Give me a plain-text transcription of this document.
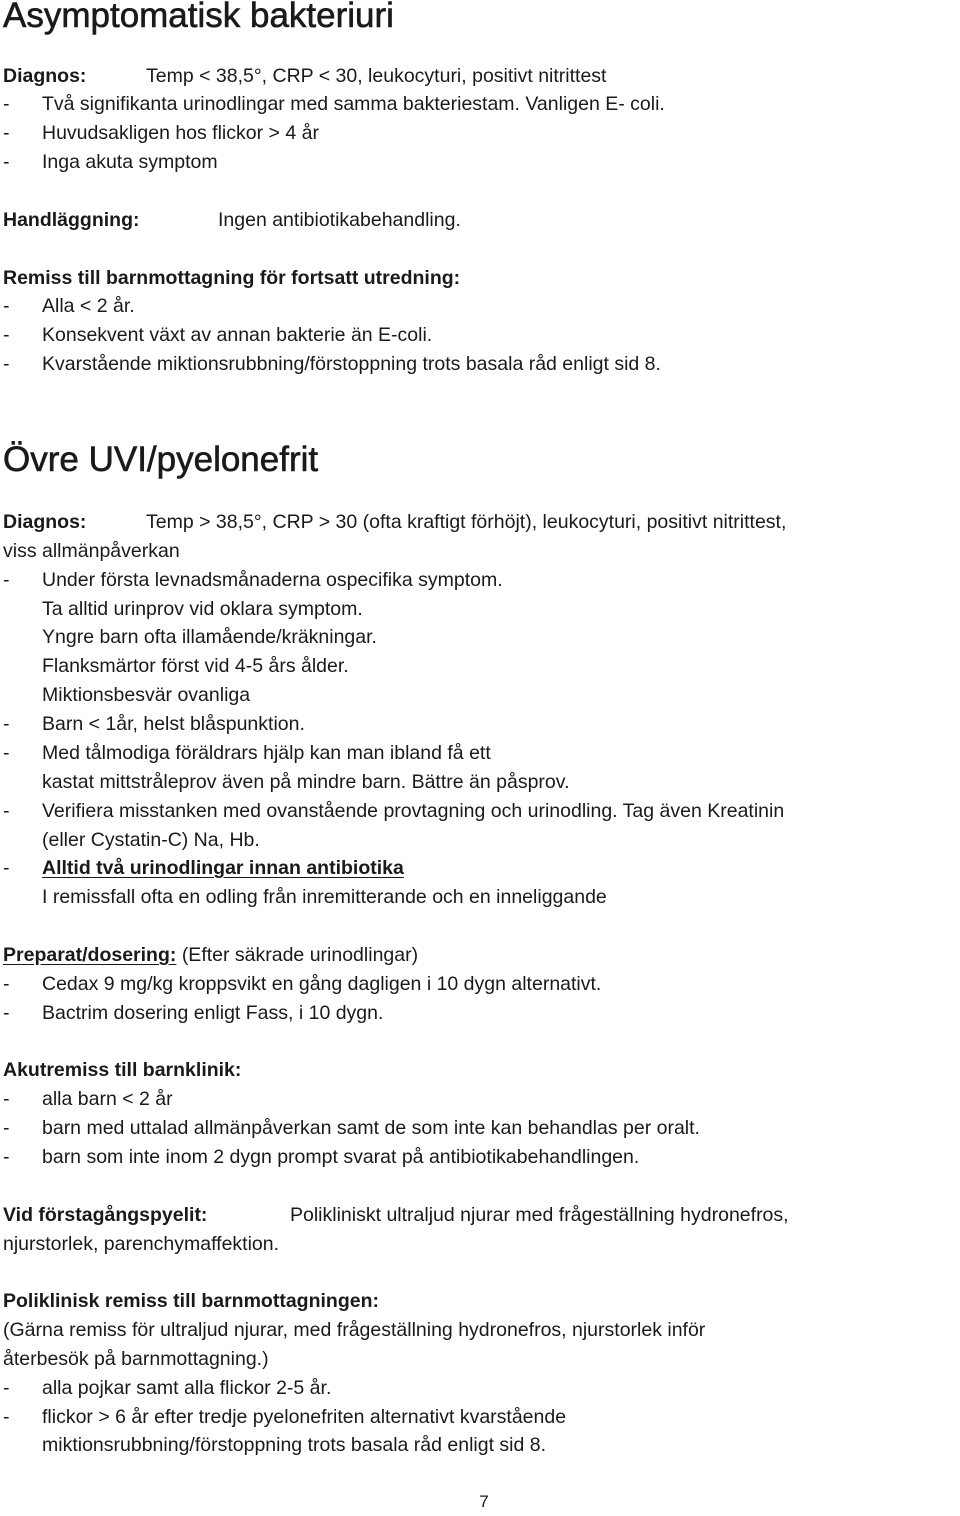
Asymptomatisk bakteriuri
Diagnos:	Temp < 38,5°, CRP < 30, leukocyturi, positivt nitrittest
- Två signifikanta urinodlingar med samma bakteriestam. Vanligen E- coli.
- Huvudsakligen hos flickor > 4 år
- Inga akuta symptom
Handläggning:	Ingen antibiotikabehandling.
Remiss till barnmottagning för fortsatt utredning:
- Alla < 2 år.
- Konsekvent växt av annan bakterie än E-coli.
- Kvarstående miktionsrubbning/förstoppning trots basala råd enligt sid 8.
Övre UVI/pyelonefrit
Diagnos:	Temp > 38,5°, CRP > 30 (ofta kraftigt förhöjt), leukocyturi, positivt nitrittest,
viss allmänpåverkan
- Under första levnadsmånaderna ospecifika symptom.
Ta alltid urinprov vid oklara symptom.
Yngre barn ofta illamående/kräkningar.
Flanksmärtor först vid 4-5 års ålder.
Miktionsbesvär ovanliga
- Barn < 1år, helst blåspunktion.
- Med tålmodiga föräldrars hjälp kan man ibland få ett
kastat mittstråleprov även på mindre barn. Bättre än påsprov.
- Verifiera misstanken med ovanstående provtagning och urinodling. Tag även Kreatinin
(eller Cystatin-C) Na, Hb.
- Alltid två urinodlingar innan antibiotika
I remissfall ofta en odling från inremitterande och en inneliggande
Preparat/dosering: (Efter säkrade urinodlingar)
- Cedax 9 mg/kg kroppsvikt en gång dagligen i 10 dygn alternativt.
- Bactrim dosering enligt Fass, i 10 dygn.
Akutremiss till barnklinik:
- alla barn < 2 år
- barn med uttalad allmänpåverkan samt de som inte kan behandlas per oralt.
- barn som inte inom 2 dygn prompt svarat på antibiotikabehandlingen.
Vid förstagångspyelit:	Polikliniskt ultraljud njurar med frågeställning hydronefros,
njurstorlek, parenchymaffektion.
Poliklinisk remiss till barnmottagningen:
(Gärna remiss för ultraljud njurar, med frågeställning hydronefros, njurstorlek inför
återbesök på barnmottagning.)
- alla pojkar samt alla flickor 2-5 år.
- flickor > 6 år efter tredje pyelonefriten alternativt kvarstående
miktionsrubbning/förstoppning trots basala råd enligt sid 8.
7
